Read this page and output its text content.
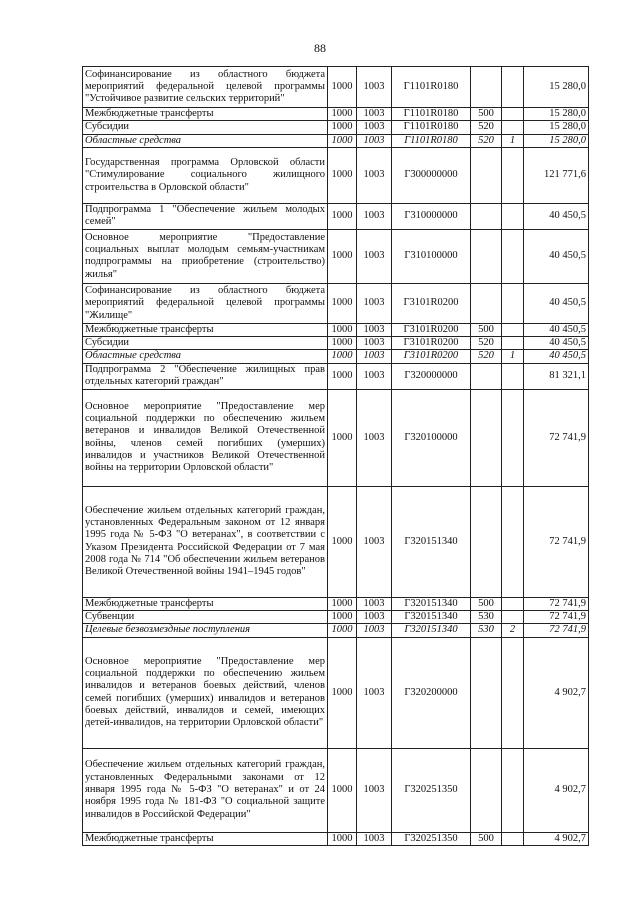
88
Софинансирование из областного бюджета мероприятий федеральной целевой программы "Устойчивое развитие сельских территорий"	1000	1003	Г1101R0180			15 280,0
Межбюджетные трансферты	1000	1003	Г1101R0180	500		15 280,0
Субсидии	1000	1003	Г1101R0180	520		15 280,0
Областные средства	1000	1003	Г1101R0180	520	1	15 280,0
Государственная программа Орловской области "Стимулирование социального жилищного строительства в Орловской области"	1000	1003	Г300000000			121 771,6
Подпрограмма 1 "Обеспечение жильем молодых семей"	1000	1003	Г310000000			40 450,5
Основное мероприятие "Предоставление социальных выплат молодым семьям-участникам подпрограммы на приобретение (строительство) жилья"	1000	1003	Г310100000			40 450,5
Софинансирование из областного бюджета мероприятий федеральной целевой программы "Жилище"	1000	1003	Г3101R0200			40 450,5
Межбюджетные трансферты	1000	1003	Г3101R0200	500		40 450,5
Субсидии	1000	1003	Г3101R0200	520		40 450,5
Областные средства	1000	1003	Г3101R0200	520	1	40 450,5
Подпрограмма 2 "Обеспечение жилищных прав отдельных категорий граждан"	1000	1003	Г320000000			81 321,1
Основное мероприятие "Предоставление мер социальной поддержки по обеспечению жильем ветеранов и инвалидов Великой Отечественной войны, членов семей погибших (умерших) инвалидов и участников Великой Отечественной войны на территории Орловской области"	1000	1003	Г320100000			72 741,9
Обеспечение жильем отдельных категорий граждан, установленных Федеральным законом от 12 января 1995 года № 5-ФЗ "О ветеранах", в соответствии с Указом Президента Российской Федерации от 7 мая 2008 года № 714 "Об обеспечении жильем ветеранов Великой Отечественной войны 1941–1945 годов"	1000	1003	Г320151340			72 741,9
Межбюджетные трансферты	1000	1003	Г320151340	500		72 741,9
Субвенции	1000	1003	Г320151340	530		72 741,9
Целевые безвозмездные поступления	1000	1003	Г320151340	530	2	72 741,9
Основное мероприятие "Предоставление мер социальной поддержки по обеспечению жильем инвалидов и ветеранов боевых действий, членов семей погибших (умерших) инвалидов и ветеранов боевых действий, инвалидов и семей, имеющих детей-инвалидов, на территории Орловской области"	1000	1003	Г320200000			4 902,7
Обеспечение жильем отдельных категорий граждан, установленных Федеральными законами от 12 января 1995 года № 5-ФЗ "О ветеранах" и от 24 ноября 1995 года № 181-ФЗ "О социальной защите инвалидов в Российской Федерации"	1000	1003	Г320251350			4 902,7
Межбюджетные трансферты	1000	1003	Г320251350	500		4 902,7
